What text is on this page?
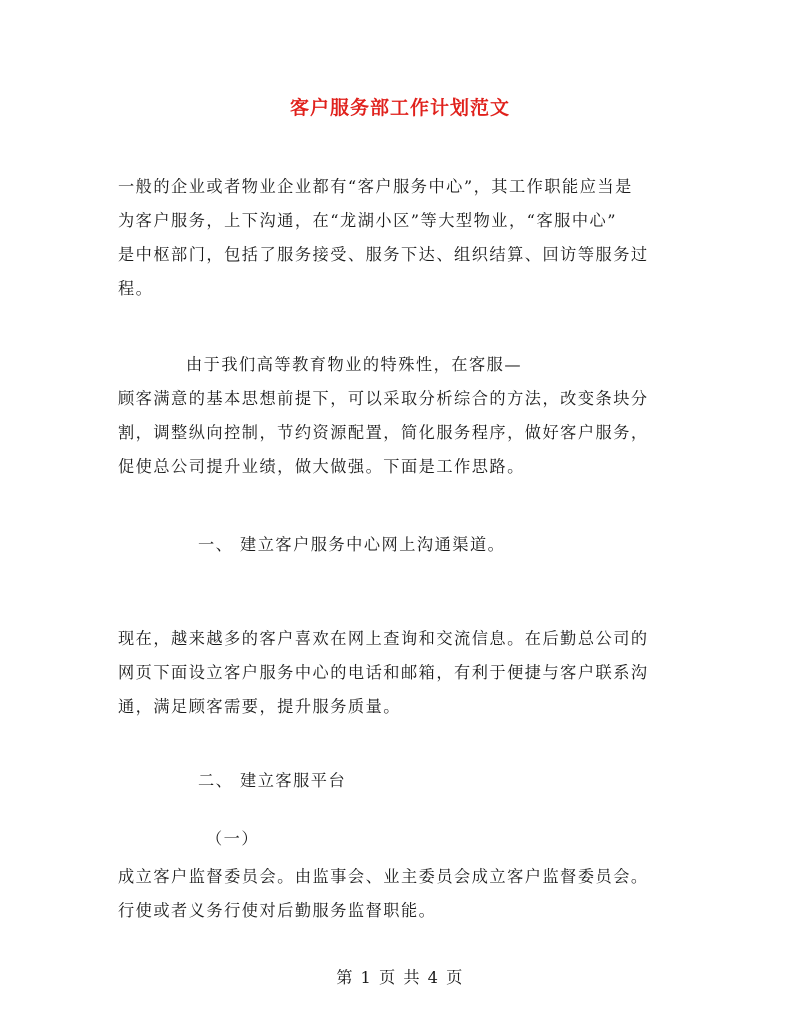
客户服务部工作计划范文

一般的企业或者物业企业都有“客户服务中心”，其工作职能应当是
为客户服务，上下沟通，在“龙湖小区”等大型物业，“客服中心”
是中枢部门，包括了服务接受、服务下达、组织结算、回访等服务过
程。

由于我们高等教育物业的特殊性，在客服—
顾客满意的基本思想前提下，可以采取分析综合的方法，改变条块分
割，调整纵向控制，节约资源配置，简化服务程序，做好客户服务，
促使总公司提升业绩，做大做强。下面是工作思路。

一、 建立客户服务中心网上沟通渠道。

现在，越来越多的客户喜欢在网上查询和交流信息。在后勤总公司的
网页下面设立客户服务中心的电话和邮箱，有利于便捷与客户联系沟
通，满足顾客需要，提升服务质量。

二、 建立客服平台

（一）

成立客户监督委员会。由监事会、业主委员会成立客户监督委员会。
行使或者义务行使对后勤服务监督职能。

第 1 页 共 4 页
